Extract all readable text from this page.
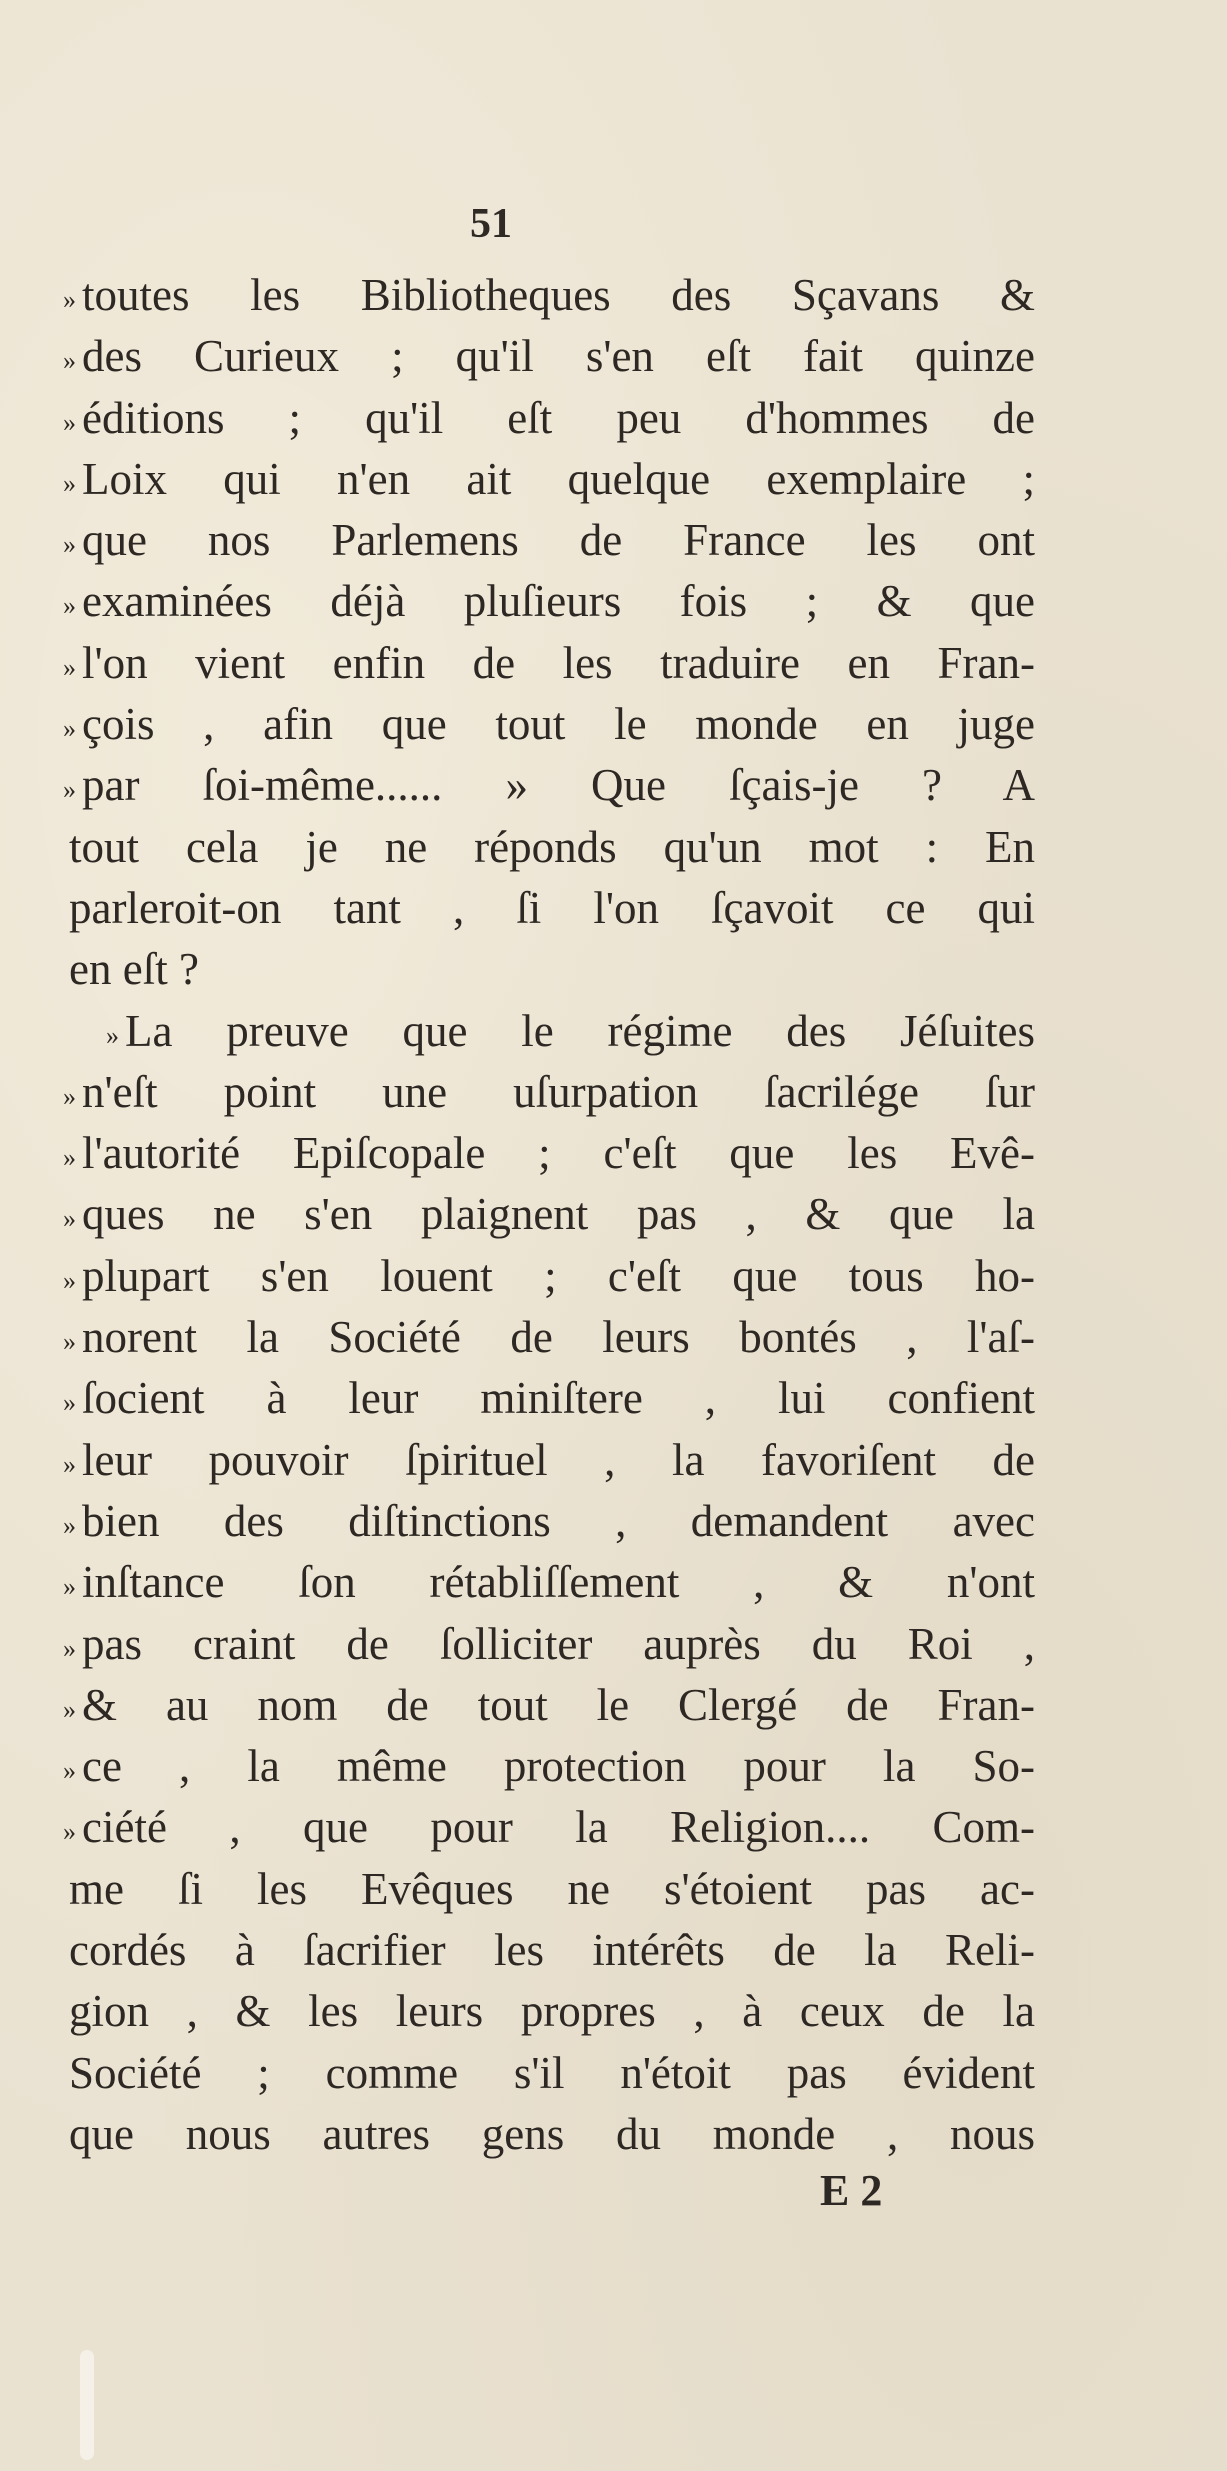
51
» toutes les Bibliotheques des Sçavans &
» des Curieux ; qu'il s'en eſt fait quinze
» éditions ; qu'il eſt peu d'hommes de
» Loix qui n'en ait quelque exemplaire ;
» que nos Parlemens de France les ont
» examinées déjà pluſieurs fois ; & que
» l'on vient enfin de les traduire en Fran-
» çois , afin que tout le monde en juge
» par ſoi-même...... » Que ſçais-je ? A
tout cela je ne réponds qu'un mot : En
parleroit-on tant , ſi l'on ſçavoit ce qui
en eſt ?
» La preuve que le régime des Jéſuites
» n'eſt point une uſurpation ſacrilége ſur
» l'autorité Epiſcopale ; c'eſt que les Evê-
» ques ne s'en plaignent pas , & que la
» plupart s'en louent ; c'eſt que tous ho-
» norent la Société de leurs bontés , l'aſ-
» ſocient à leur miniſtere , lui confient
» leur pouvoir ſpirituel , la favoriſent de
» bien des diſtinctions , demandent avec
» inſtance ſon rétabliſſement , & n'ont
» pas craint de ſolliciter auprès du Roi ,
» & au nom de tout le Clergé de Fran-
» ce , la même protection pour la So-
» ciété , que pour la Religion.... Com-
me ſi les Evêques ne s'étoient pas ac-
cordés à ſacrifier les intérêts de la Reli-
gion , & les leurs propres , à ceux de la
Société ; comme s'il n'étoit pas évident
que nous autres gens du monde , nous
E 2
